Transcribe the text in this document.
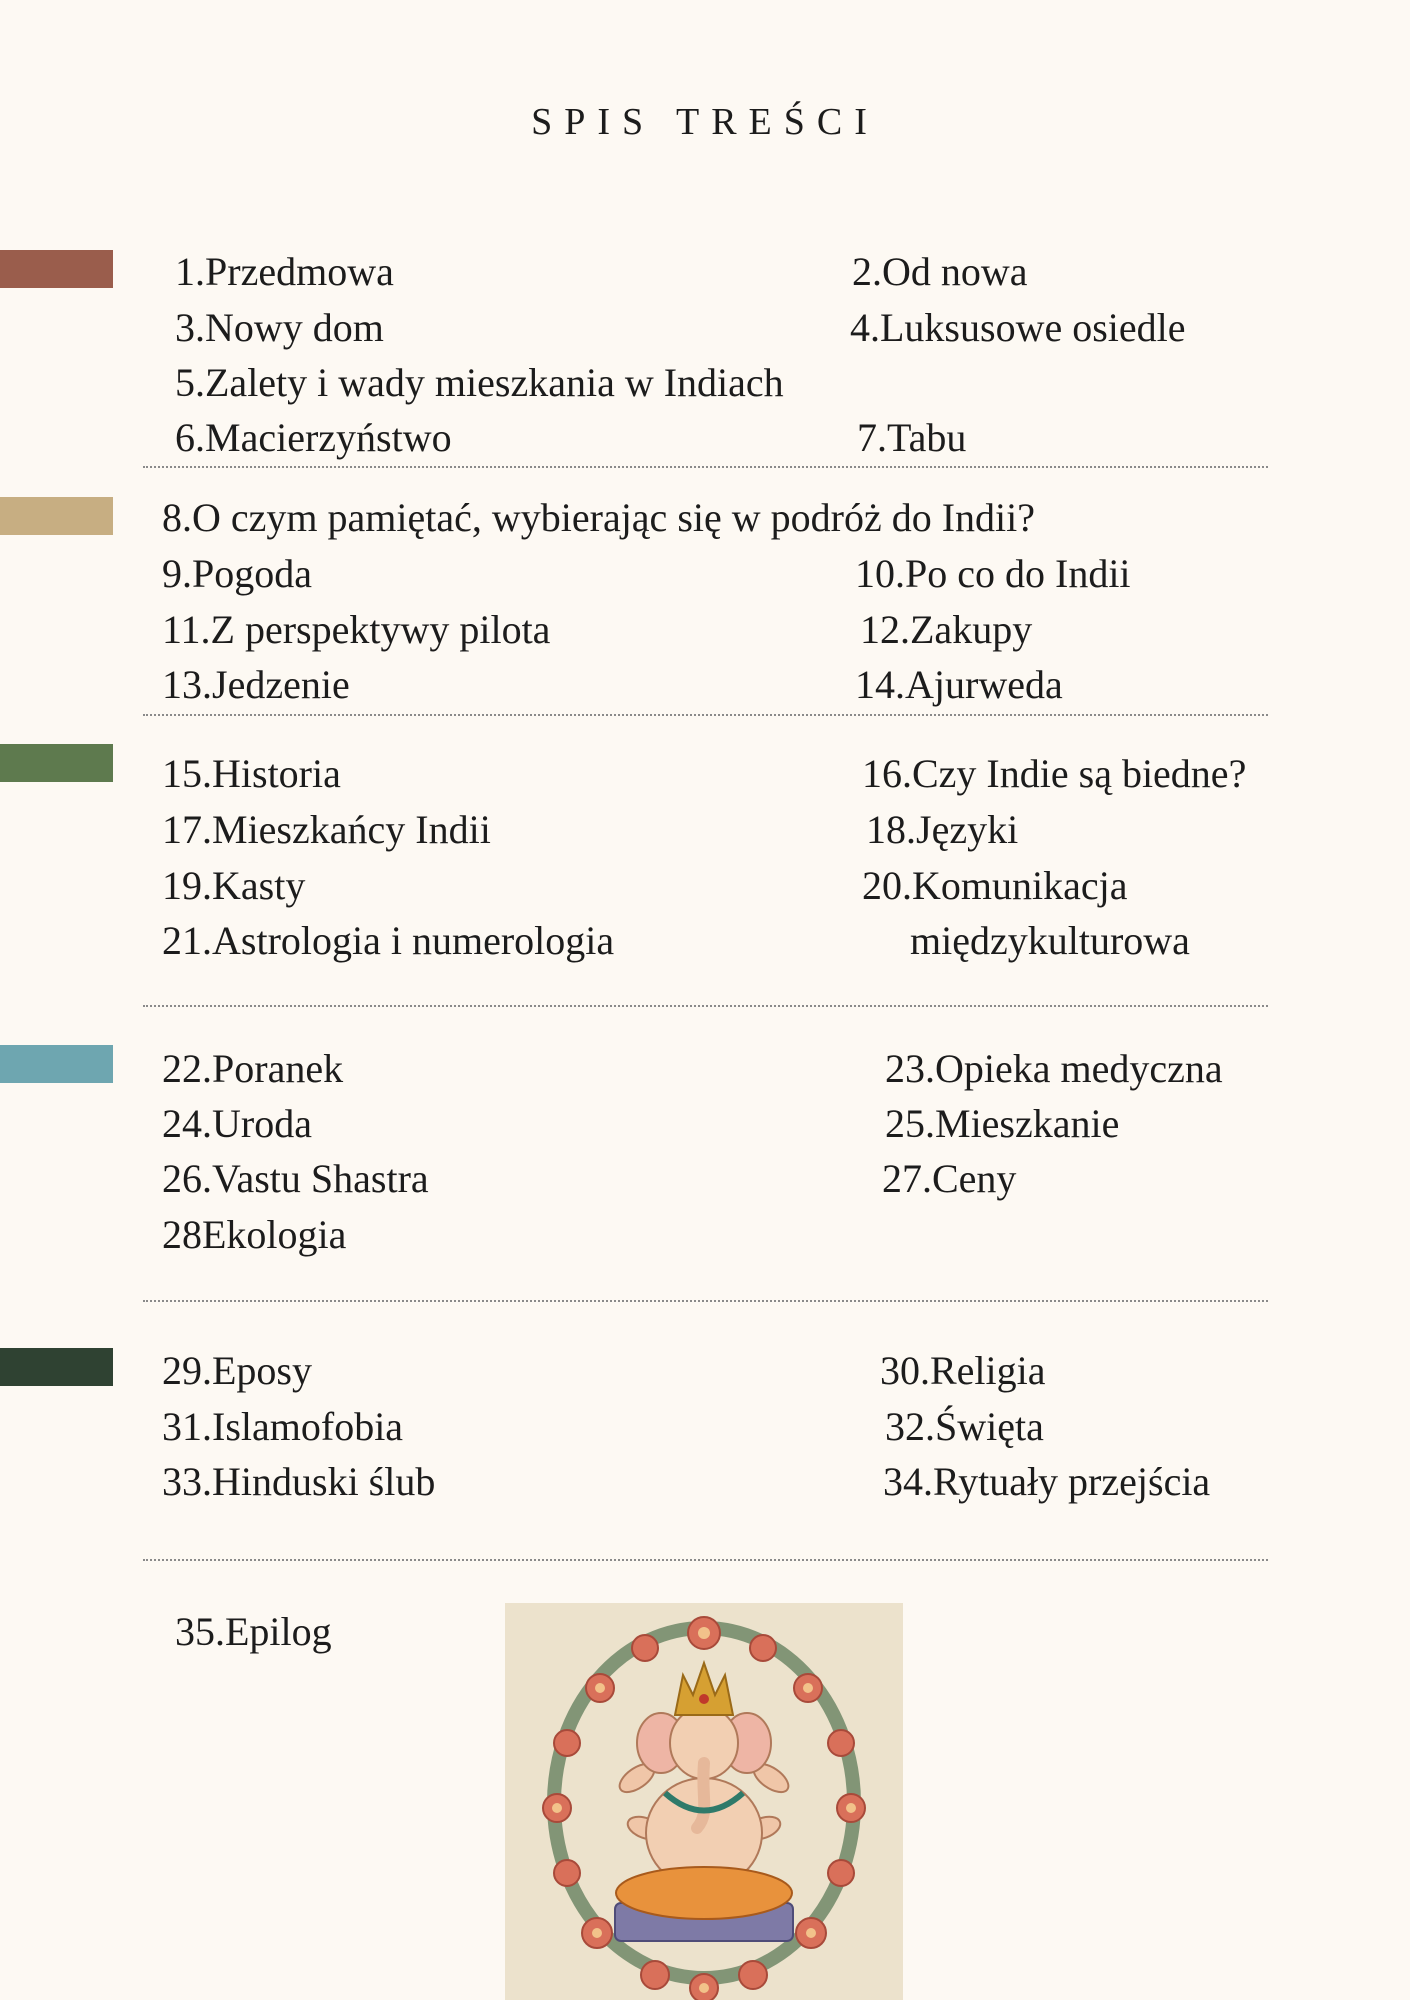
SPIS TREŚCI
1.Przedmowa	2.Od nowa
3.Nowy dom	4.Luksusowe osiedle
5.Zalety i wady mieszkania w Indiach
6.Macierzyństwo	7.Tabu
8.O czym pamiętać, wybierając się w podróż do Indii?
9.Pogoda	10.Po co do Indii
11.Z perspektywy pilota	12.Zakupy
13.Jedzenie	14.Ajurweda
15.Historia	16.Czy Indie są biedne?
17.Mieszkańcy Indii	18.Języki
19.Kasty	20.Komunikacja
międzykulturowa
21.Astrologia i numerologia
22.Poranek	23.Opieka medyczna
24.Uroda	25.Mieszkanie
26.Vastu Shastra	27.Ceny
28Ekologia
29.Eposy	30.Religia
31.Islamofobia	32.Święta
33.Hinduski ślub	34.Rytuały przejścia
35.Epilog
